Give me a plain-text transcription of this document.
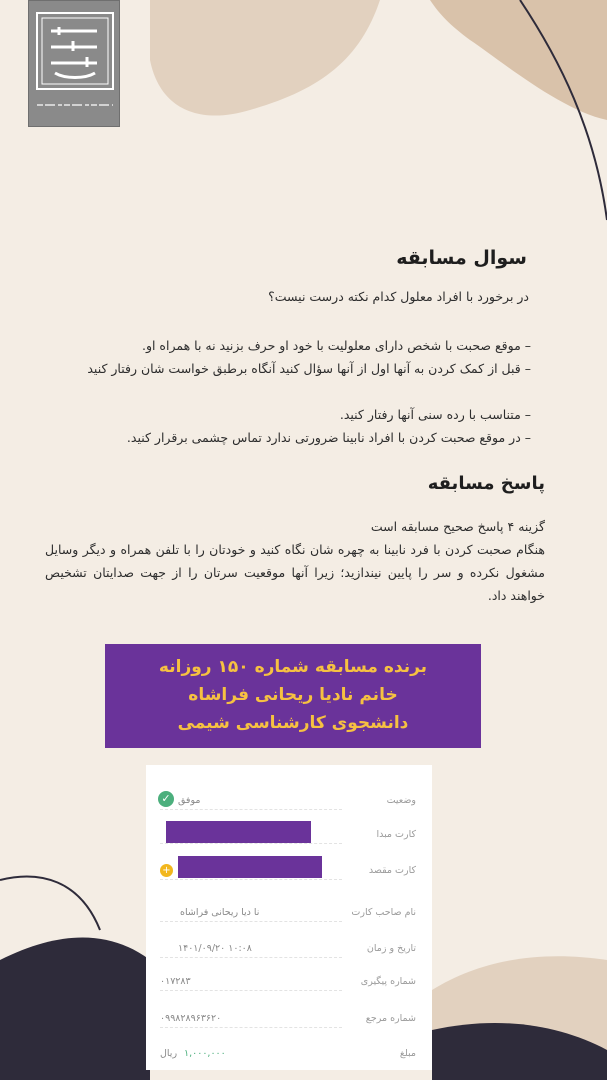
سوال مسابقه
در برخورد با افراد معلول کدام نکته درست نیست؟
– موقع صحبت با شخص دارای معلولیت با خود او حرف بزنید نه با همراه او.
– قبل از کمک کردن به آنها اول از آنها سؤال کنید آنگاه برطبق خواست شان رفتار کنید
– متناسب با رده سنی آنها رفتار کنید.
– در موقع صحبت کردن با افراد نابینا ضرورتی ندارد تماس چشمی برقرار کنید.
پاسخ مسابقه
گزینه ۴ پاسخ صحیح مسابقه است
هنگام صحبت کردن با فرد نابینا به چهره شان نگاه کنید و خودتان را با تلفن همراه و دیگر وسایل مشغول نکرده و سر را پایین نیندازید؛ زیرا آنها موقعیت سرتان را از جهت صدایتان تشخیص خواهند داد.
برنده مسابقه شماره ۱۵۰ روزانه
خانم نادیا ریحانی فراشاه
دانشجوی کارشناسی شیمی
وضعیت
موفق
✓
کارت مبدا
کارت مقصد
+
نام صاحب کارت
نا دیا ریحانی فراشاه
تاریخ و زمان
۱۴۰۱/۰۹/۲۰ ۱۰:۰۸
شماره پیگیری
۰۱۷۲۸۳
شماره مرجع
۰۹۹۸۲۸۹۶۳۶۲۰
مبلغ
ریال ۱,۰۰۰,۰۰۰
